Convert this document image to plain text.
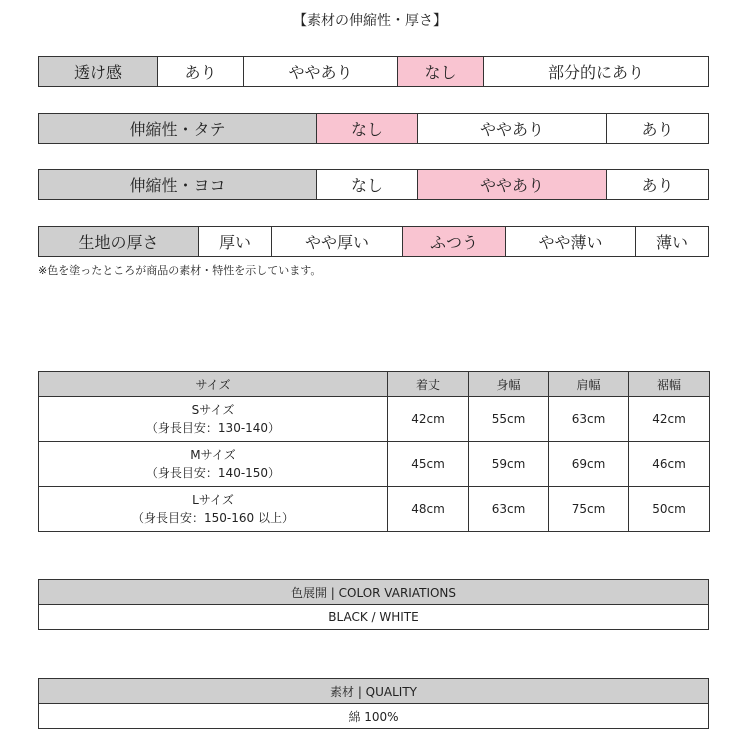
【素材の伸縮性・厚さ】
透け感	あり	ややあり	なし	部分的にあり
伸縮性・タテ	なし	ややあり	あり
伸縮性・ヨコ	なし	ややあり	あり
生地の厚さ	厚い	やや厚い	ふつう	やや薄い	薄い
※色を塗ったところが商品の素材・特性を示しています。
サイズ	着丈	身幅	肩幅	裾幅
Sサイズ
（身長目安：130-140）	42cm	55cm	63cm	42cm
Mサイズ
（身長目安：140-150）	45cm	59cm	69cm	46cm
Lサイズ
（身長目安：150-160 以上）	48cm	63cm	75cm	50cm
色展開 | COLOR VARIATIONS
BLACK / WHITE
素材 | QUALITY
綿 100%
